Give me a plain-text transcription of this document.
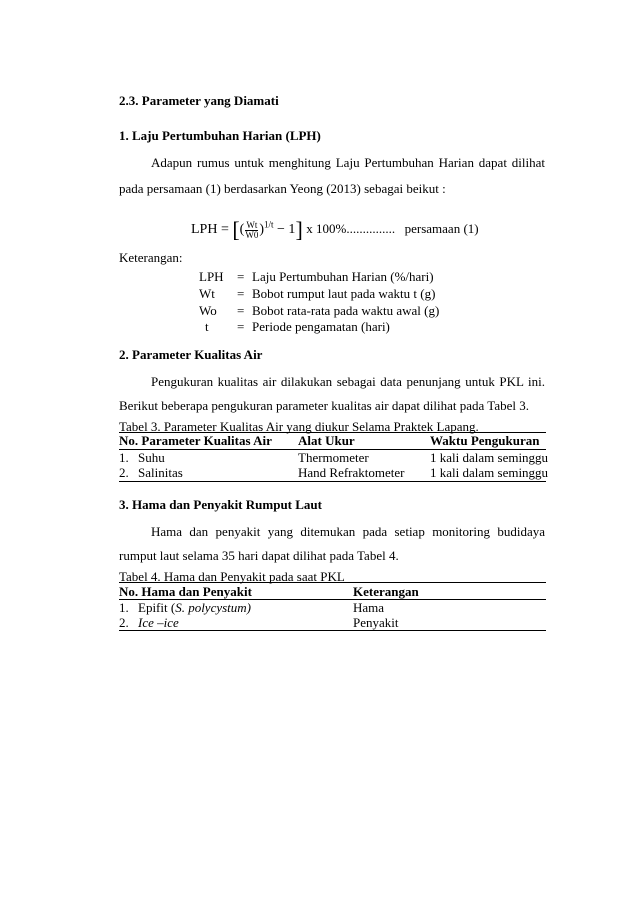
2.3. Parameter yang Diamati
1. Laju Pertumbuhan Harian (LPH)
Adapun rumus untuk menghitung Laju Pertumbuhan Harian dapat dilihat
pada persamaan (1) berdasarkan Yeong (2013) sebagai beikut :
LPH = [( $\frac{Wt}{W0} )^{1/t} - 1$] x 100%............... persamaan (1)
Keterangan:
LPH = Laju Pertumbuhan Harian (%/hari)
Wt = Bobot rumput laut pada waktu t (g)
Wo = Bobot rata-rata pada waktu awal (g)
t = Periode pengamatan (hari)
2. Parameter Kualitas Air
Pengukuran kualitas air dilakukan sebagai data penunjang untuk PKL ini.
Berikut beberapa pengukuran parameter kualitas air dapat dilihat pada Tabel 3.
Tabel 3. Parameter Kualitas Air yang diukur Selama Praktek Lapang.
No. Parameter Kualitas Air Alat Ukur	Waktu Pengukuran
1. Suhu	Thermometer	1 kali dalam seminggu
2. Salinitas	Hand Refraktometer 1 kali dalam seminggu
3. Hama dan Penyakit Rumput Laut
Hama dan penyakit yang ditemukan pada setiap monitoring budidaya
rumput laut selama 35 hari dapat dilihat pada Tabel 4.
Tabel 4. Hama dan Penyakit pada saat PKL
No. Hama dan Penyakit	Keterangan
1. Epifit (S. polycystum)	Hama
2. Ice –ice	Penyakit
